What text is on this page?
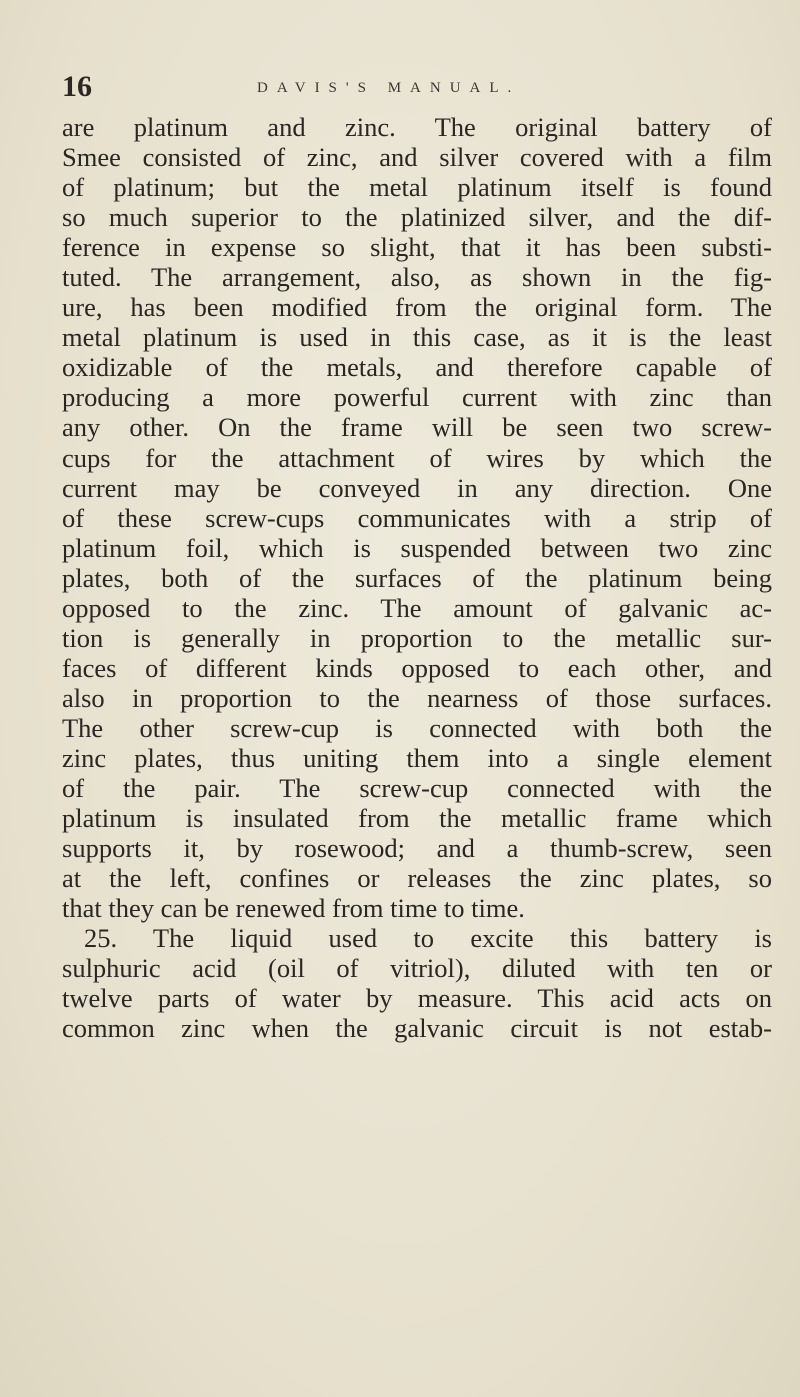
16	DAVIS'S MANUAL.
are platinum and zinc. The original battery of
Smee consisted of zinc, and silver covered with a film
of platinum; but the metal platinum itself is found
so much superior to the platinized silver, and the dif-
ference in expense so slight, that it has been substi-
tuted. The arrangement, also, as shown in the fig-
ure, has been modified from the original form. The
metal platinum is used in this case, as it is the least
oxidizable of the metals, and therefore capable of
producing a more powerful current with zinc than
any other. On the frame will be seen two screw-
cups for the attachment of wires by which the
current may be conveyed in any direction. One
of these screw-cups communicates with a strip of
platinum foil, which is suspended between two zinc
plates, both of the surfaces of the platinum being
opposed to the zinc. The amount of galvanic ac-
tion is generally in proportion to the metallic sur-
faces of different kinds opposed to each other, and
also in proportion to the nearness of those surfaces.
The other screw-cup is connected with both the
zinc plates, thus uniting them into a single element
of the pair. The screw-cup connected with the
platinum is insulated from the metallic frame which
supports it, by rosewood; and a thumb-screw, seen
at the left, confines or releases the zinc plates, so
that they can be renewed from time to time.
25. The liquid used to excite this battery is
sulphuric acid (oil of vitriol), diluted with ten or
twelve parts of water by measure. This acid acts on
common zinc when the galvanic circuit is not estab-
